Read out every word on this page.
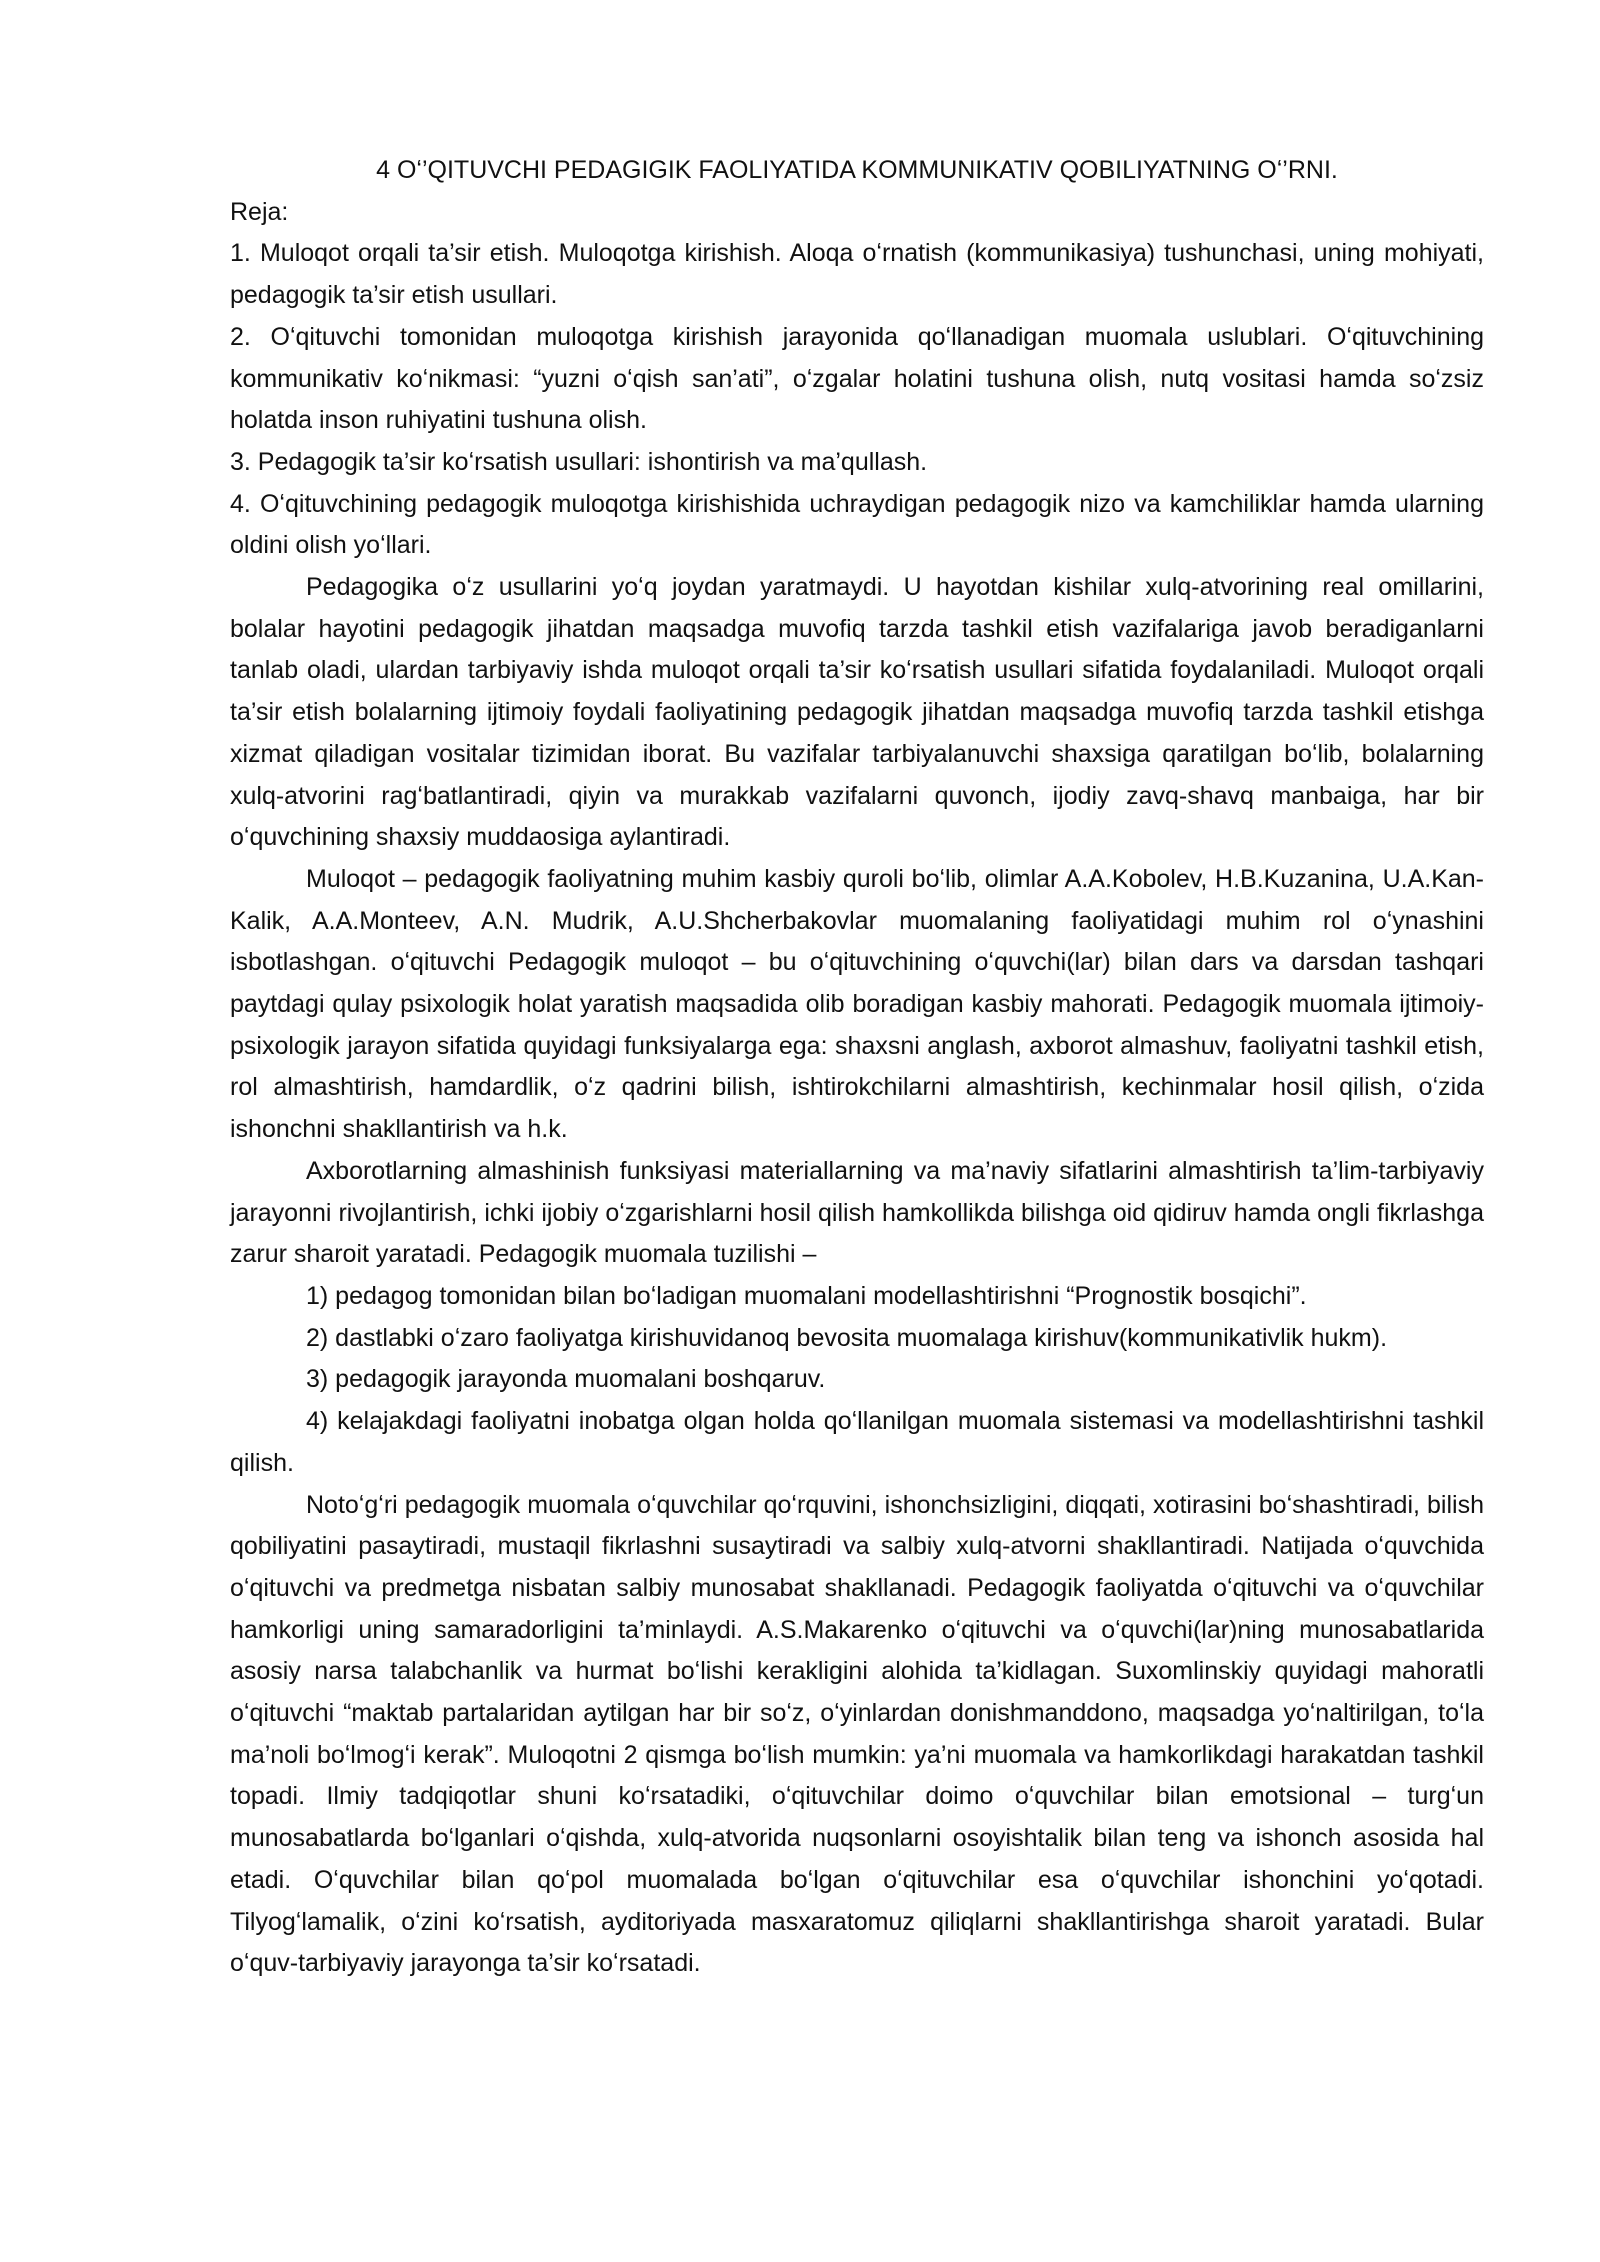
4 Oʻ’QITUVCHI PEDAGIGIK FAOLIYATIDA KOMMUNIKATIV QOBILIYATNING Oʻ’RNI.

Reja:

1. Muloqot orqali ta’sir etish. Muloqotga kirishish. Aloqa oʻrnatish (kommunikasiya) tushunchasi, uning mohiyati, pedagogik ta’sir etish usullari.

2. Oʻqituvchi tomonidan muloqotga kirishish jarayonida qoʻllanadigan muomala uslublari. Oʻqituvchining kommunikativ koʻnikmasi: “yuzni oʻqish san’ati”, oʻzgalar holatini tushuna olish, nutq vositasi hamda soʻzsiz holatda inson ruhiyatini tushuna olish.

3. Pedagogik ta’sir koʻrsatish usullari: ishontirish va ma’qullash.

4. Oʻqituvchining pedagogik muloqotga kirishishida uchraydigan pedagogik nizo va kamchiliklar hamda ularning oldini olish yoʻllari.

Pedagogika oʻz usullarini yoʻq joydan yaratmaydi. U hayotdan kishilar xulq-atvorining real omillarini, bolalar hayotini pedagogik jihatdan maqsadga muvofiq tarzda tashkil etish vazifalariga javob beradiganlarni tanlab oladi, ulardan tarbiyaviy ishda muloqot orqali ta’sir koʻrsatish usullari sifatida foydalaniladi. Muloqot orqali ta’sir etish bolalarning ijtimoiy foydali faoliyatining pedagogik jihatdan maqsadga muvofiq tarzda tashkil etishga xizmat qiladigan vositalar tizimidan iborat. Bu vazifalar tarbiyalanuvchi shaxsiga qaratilgan boʻlib, bolalarning xulq-atvorini ragʻbatlantiradi, qiyin va murakkab vazifalarni quvonch, ijodiy zavq-shavq manbaiga, har bir oʻquvchining shaxsiy muddaosiga aylantiradi.

Muloqot – pedagogik faoliyatning muhim kasbiy quroli boʻlib, olimlar A.A.Kobolev, H.B.Kuzanina, U.A.Kan-Kalik, A.A.Monteev, A.N. Mudrik, A.U.Shcherbakovlar muomalaning faoliyatidagi muhim rol oʻynashini isbotlashgan. oʻqituvchi Pedagogik muloqot – bu oʻqituvchining oʻquvchi(lar) bilan dars va darsdan tashqari paytdagi qulay psixologik holat yaratish maqsadida olib boradigan kasbiy mahorati. Pedagogik muomala ijtimoiy-psixologik jarayon sifatida quyidagi funksiyalarga ega: shaxsni anglash, axborot almashuv, faoliyatni tashkil etish, rol almashtirish, hamdardlik, oʻz qadrini bilish, ishtirokchilarni almashtirish, kechinmalar hosil qilish, oʻzida ishonchni shakllantirish va h.k.

Axborotlarning almashinish funksiyasi materiallarning va ma’naviy sifatlarini almashtirish ta’lim-tarbiyaviy jarayonni rivojlantirish, ichki ijobiy oʻzgarishlarni hosil qilish hamkollikda bilishga oid qidiruv hamda ongli fikrlashga zarur sharoit yaratadi. Pedagogik muomala tuzilishi –

1) pedagog tomonidan bilan boʻladigan muomalani modellashtirishni “Prognostik bosqichi”.

2) dastlabki oʻzaro faoliyatga kirishuvidanoq bevosita muomalaga kirishuv(kommunikativlik hukm).

3) pedagogik jarayonda muomalani boshqaruv.

4) kelajakdagi faoliyatni inobatga olgan holda qoʻllanilgan muomala sistemasi va modellashtirishni tashkil qilish.

Notoʻgʻri pedagogik muomala oʻquvchilar qoʻrquvini, ishonchsizligini, diqqati, xotirasini boʻshashtiradi, bilish qobiliyatini pasaytiradi, mustaqil fikrlashni susaytiradi va salbiy xulq-atvorni shakllantiradi. Natijada oʻquvchida oʻqituvchi va predmetga nisbatan salbiy munosabat shakllanadi. Pedagogik faoliyatda oʻqituvchi va oʻquvchilar hamkorligi uning samaradorligini ta’minlaydi. A.S.Makarenko oʻqituvchi va oʻquvchi(lar)ning munosabatlarida asosiy narsa talabchanlik va hurmat boʻlishi kerakligini alohida ta’kidlagan. Suxomlinskiy quyidagi mahoratli oʻqituvchi “maktab partalaridan aytilgan har bir soʻz, oʻyinlardan donishmanddono, maqsadga yoʻnaltirilgan, toʻla ma’noli boʻlmogʻi kerak”. Muloqotni 2 qismga boʻlish mumkin: ya’ni muomala va hamkorlikdagi harakatdan tashkil topadi. Ilmiy tadqiqotlar shuni koʻrsatadiki, oʻqituvchilar doimo oʻquvchilar bilan emotsional – turgʻun munosabatlarda boʻlganlari oʻqishda, xulq-atvorida nuqsonlarni osoyishtalik bilan teng va ishonch asosida hal etadi. Oʻquvchilar bilan qoʻpol muomalada boʻlgan oʻqituvchilar esa oʻquvchilar ishonchini yoʻqotadi. Tilyogʻlamalik, oʻzini koʻrsatish, ayditoriyada masxaratomuz qiliqlarni shakllantirishga sharoit yaratadi. Bular oʻquv-tarbiyaviy jarayonga ta’sir koʻrsatadi.
